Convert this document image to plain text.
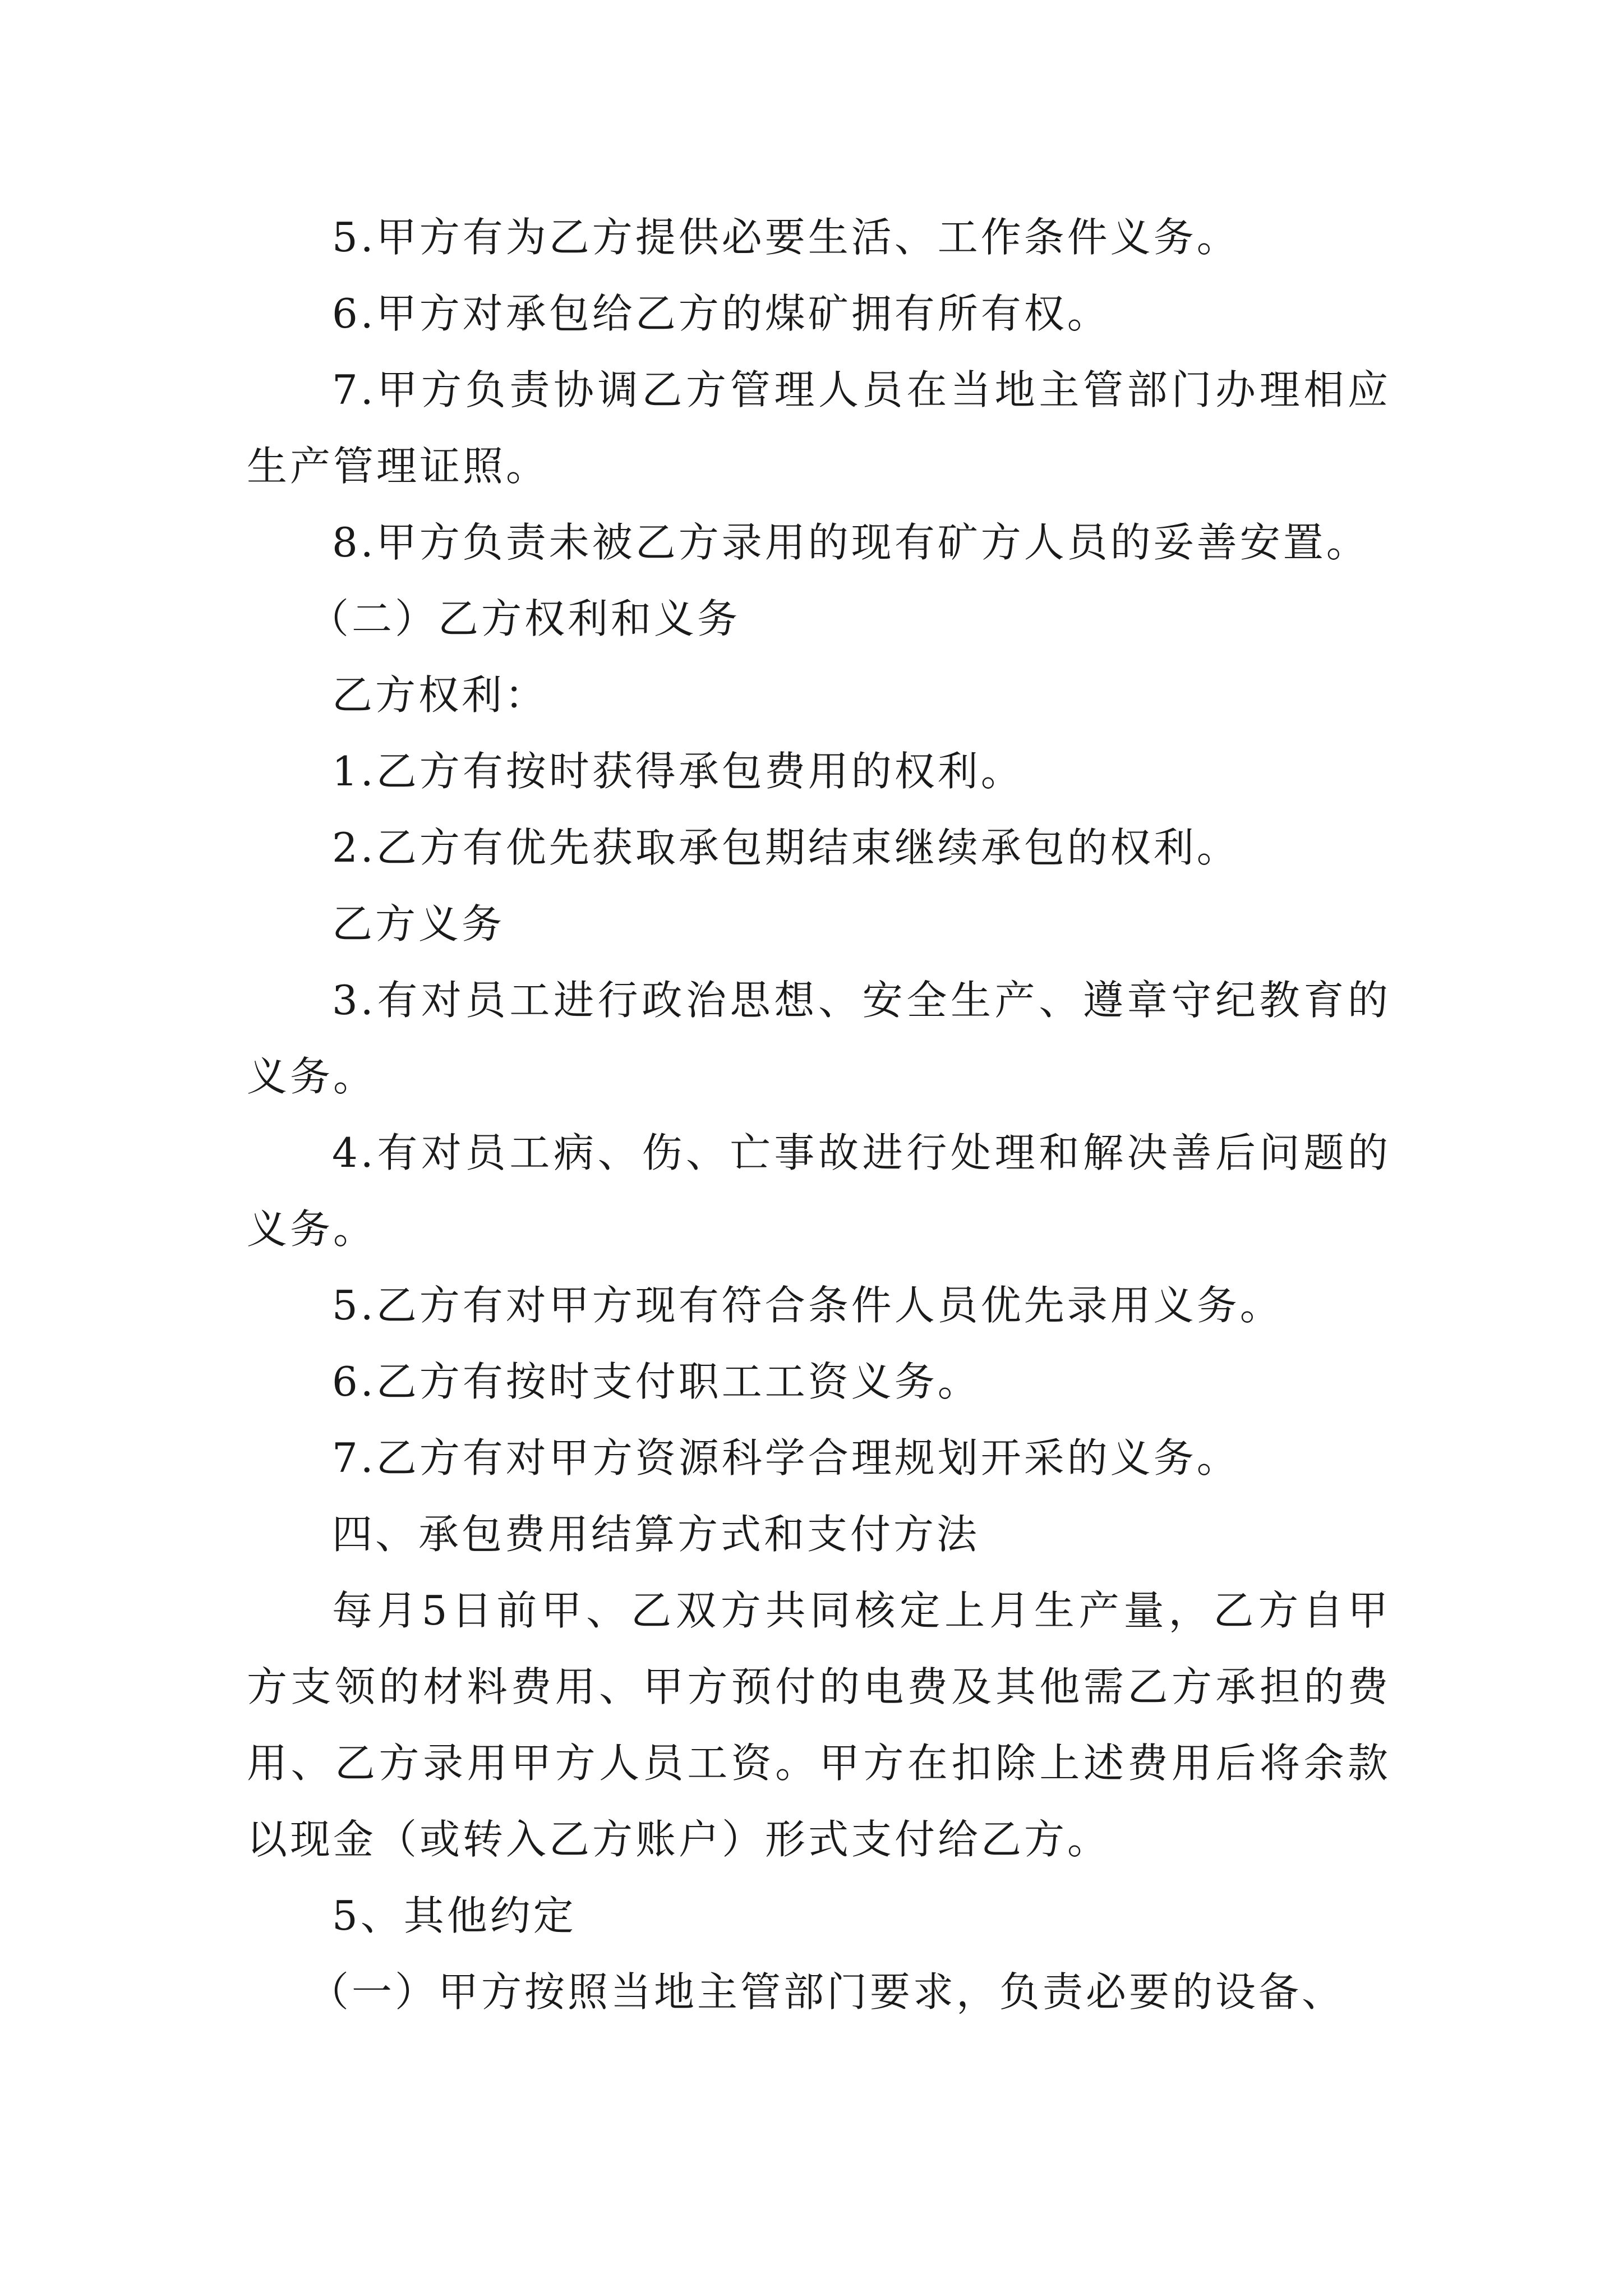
5.甲方有为乙方提供必要生活、工作条件义务。

6.甲方对承包给乙方的煤矿拥有所有权。

7.甲方负责协调乙方管理人员在当地主管部门办理相应生产管理证照。

8.甲方负责未被乙方录用的现有矿方人员的妥善安置。

（二）乙方权利和义务

乙方权利：

1.乙方有按时获得承包费用的权利。

2.乙方有优先获取承包期结束继续承包的权利。

乙方义务

3.有对员工进行政治思想、安全生产、遵章守纪教育的义务。

4.有对员工病、伤、亡事故进行处理和解决善后问题的义务。

5.乙方有对甲方现有符合条件人员优先录用义务。

6.乙方有按时支付职工工资义务。

7.乙方有对甲方资源科学合理规划开采的义务。

四、承包费用结算方式和支付方法

每月5日前甲、乙双方共同核定上月生产量，乙方自甲方支领的材料费用、甲方预付的电费及其他需乙方承担的费用、乙方录用甲方人员工资。甲方在扣除上述费用后将余款以现金（或转入乙方账户）形式支付给乙方。

5、其他约定

（一）甲方按照当地主管部门要求，负责必要的设备、
